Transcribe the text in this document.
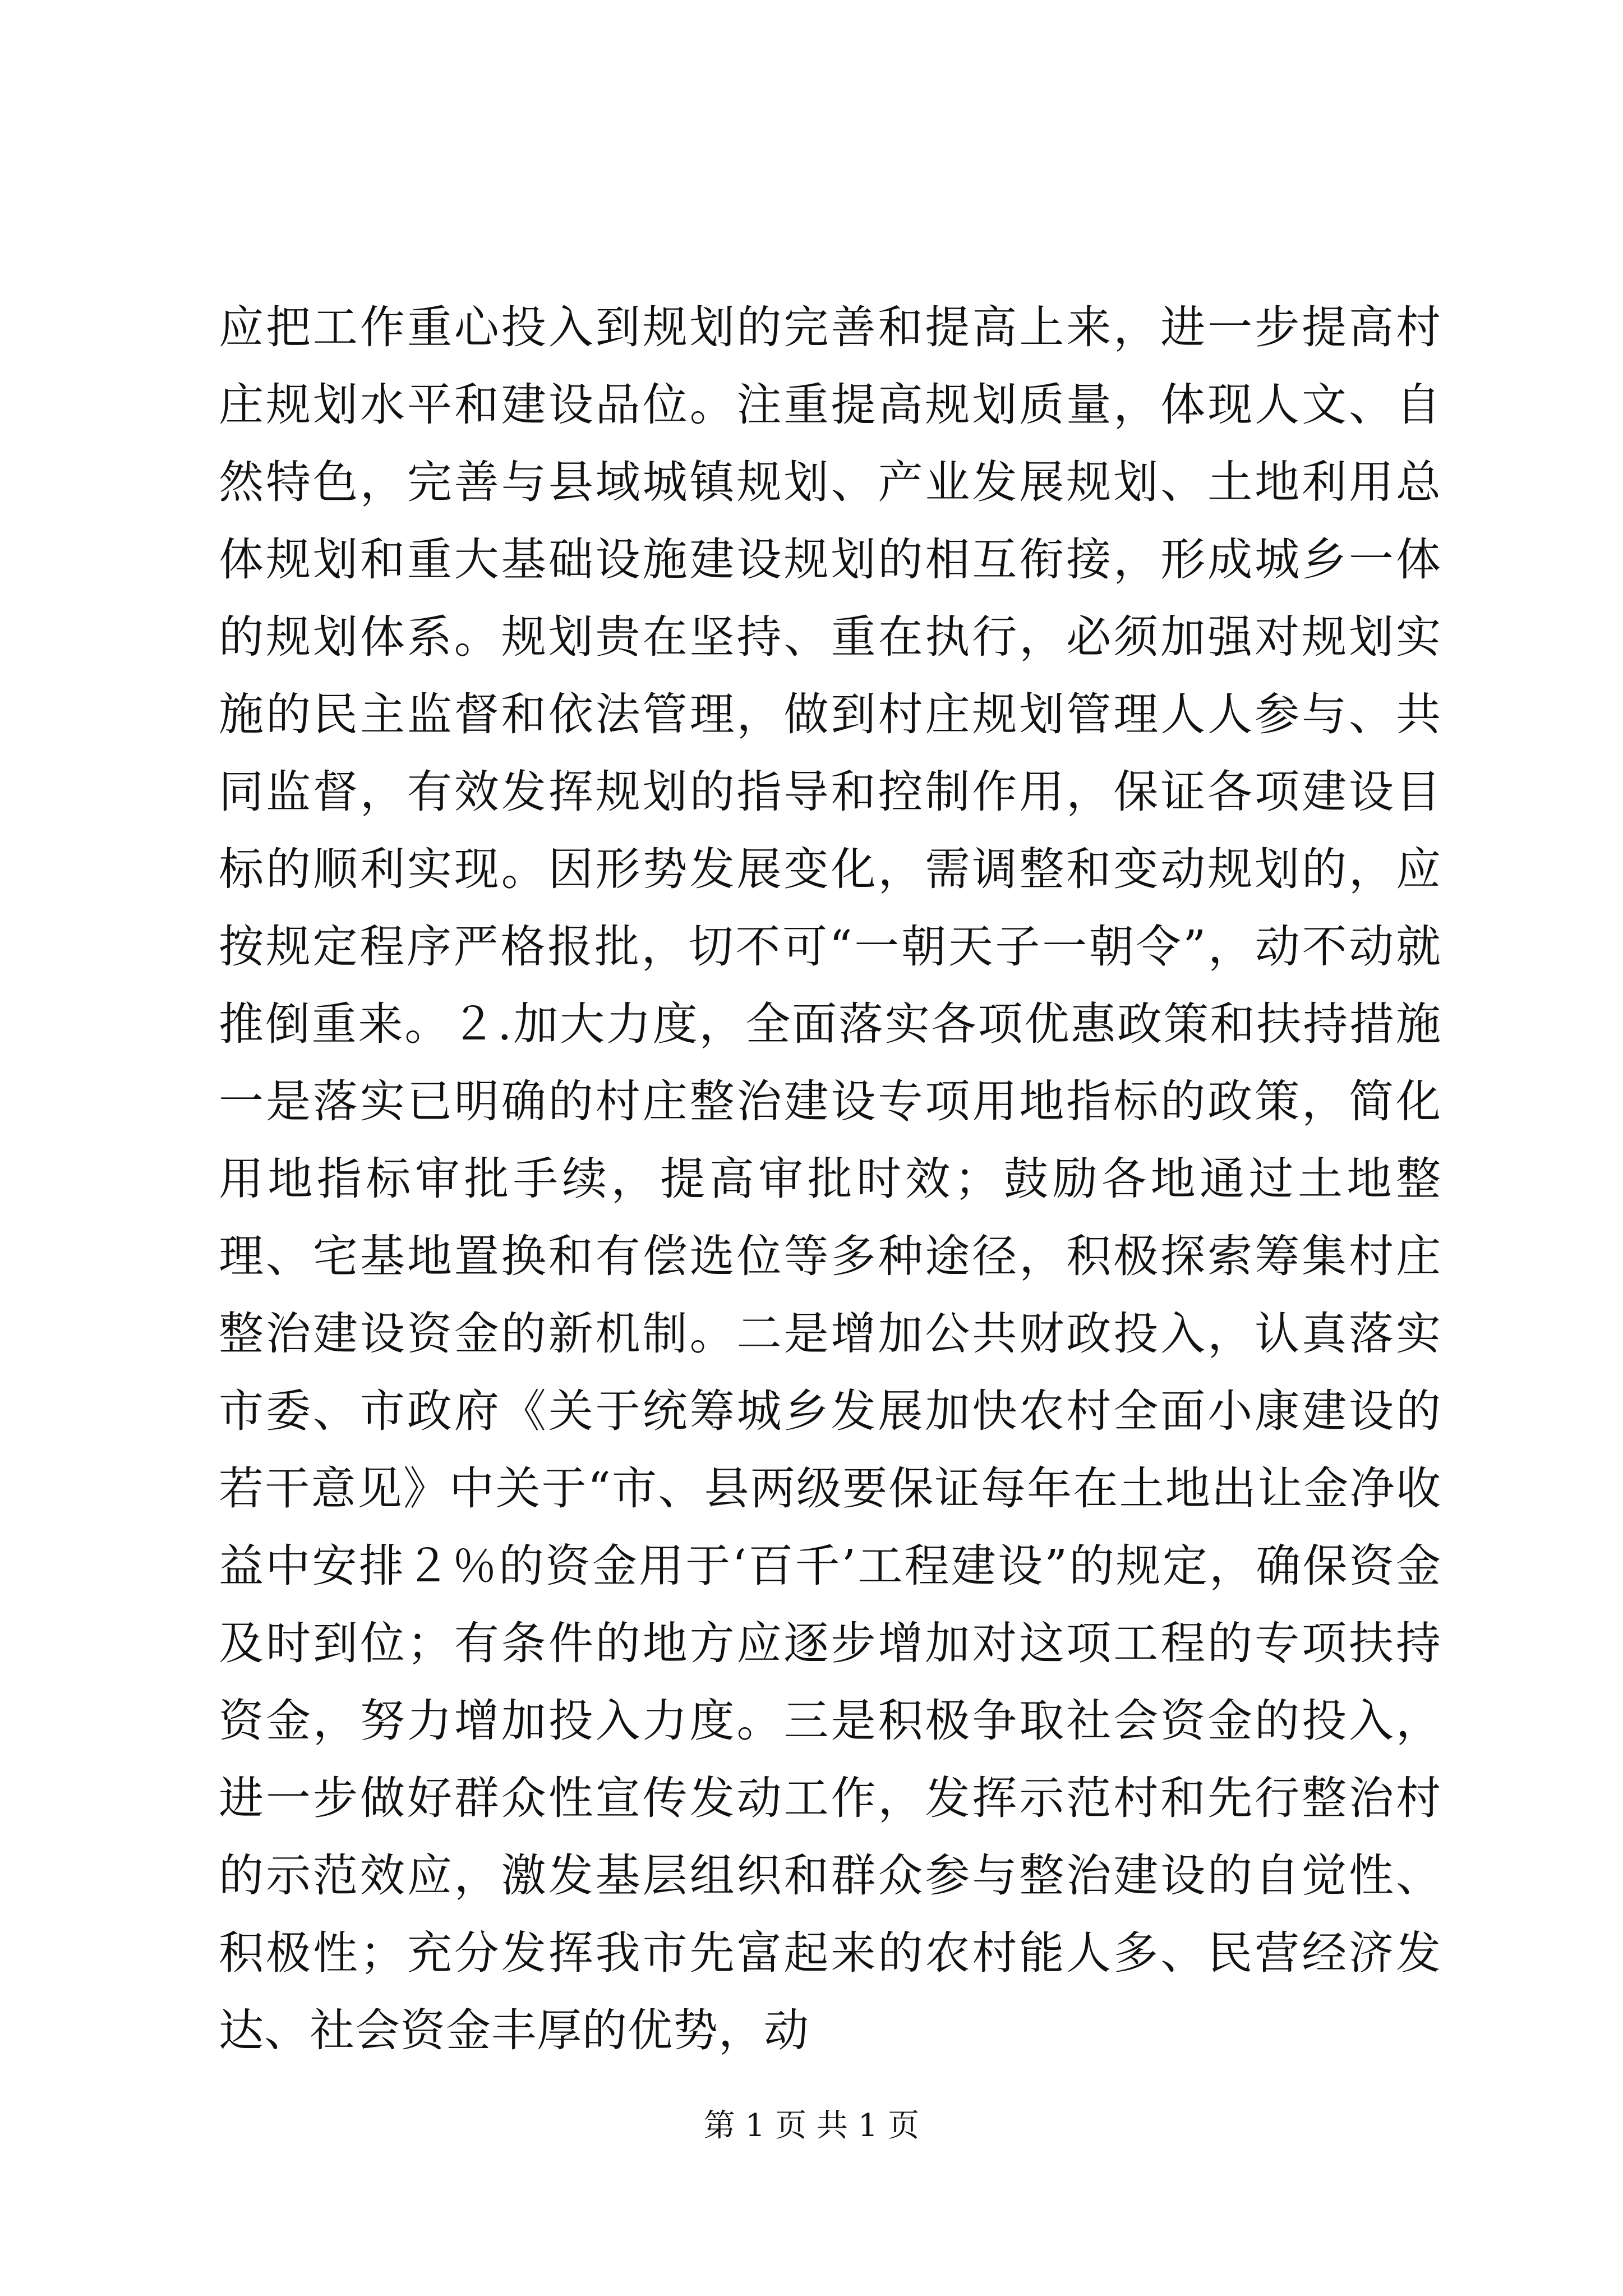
应把工作重心投入到规划的完善和提高上来，进一步提高村庄规划水平和建设品位。注重提高规划质量，体现人文、自然特色，完善与县域城镇规划、产业发展规划、土地利用总体规划和重大基础设施建设规划的相互衔接，形成城乡一体的规划体系。规划贵在坚持、重在执行，必须加强对规划实施的民主监督和依法管理，做到村庄规划管理人人参与、共同监督，有效发挥规划的指导和控制作用，保证各项建设目标的顺利实现。因形势发展变化，需调整和变动规划的，应按规定程序严格报批，切不可“一朝天子一朝令”，动不动就推倒重来。２.加大力度，全面落实各项优惠政策和扶持措施一是落实已明确的村庄整治建设专项用地指标的政策，简化用地指标审批手续，提高审批时效；鼓励各地通过土地整理、宅基地置换和有偿选位等多种途径，积极探索筹集村庄整治建设资金的新机制。二是增加公共财政投入，认真落实市委、市政府《关于统筹城乡发展加快农村全面小康建设的若干意见》中关于“市、县两级要保证每年在土地出让金净收益中安排２％的资金用于‘百千’工程建设”的规定，确保资金及时到位；有条件的地方应逐步增加对这项工程的专项扶持资金，努力增加投入力度。三是积极争取社会资金的投入，进一步做好群众性宣传发动工作，发挥示范村和先行整治村的示范效应，激发基层组织和群众参与整治建设的自觉性、积极性；充分发挥我市先富起来的农村能人多、民营经济发达、社会资金丰厚的优势，动

第 1 页 共 1 页
